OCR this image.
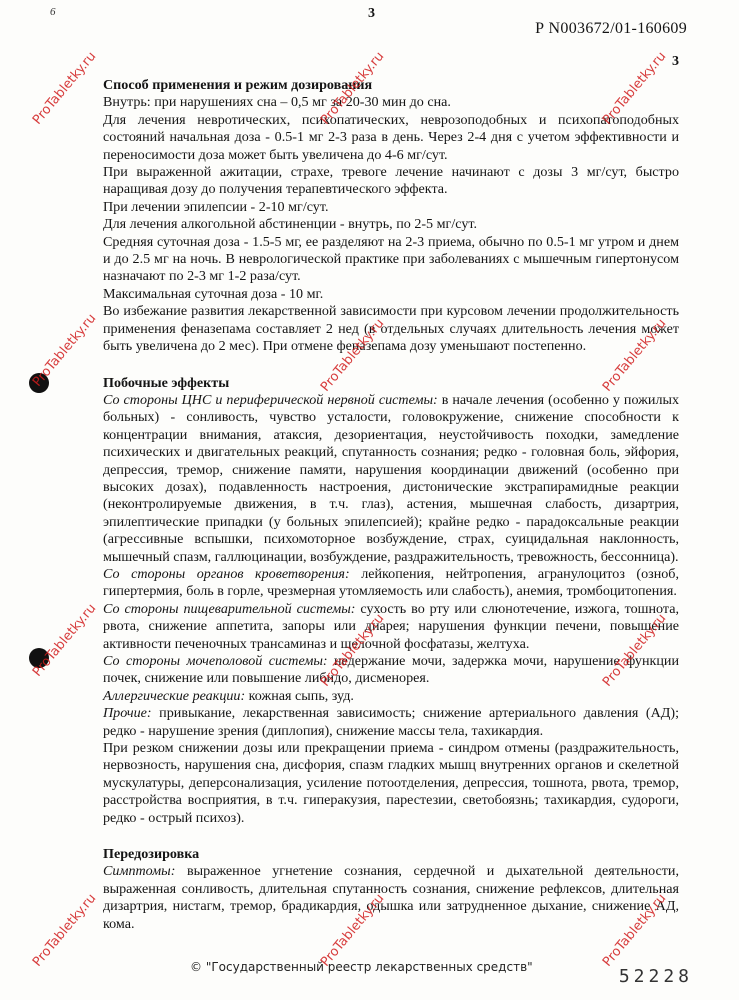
6	3
Р N003672/01-160609
3

Способ применения и режим дозирования

Внутрь: при нарушениях сна – 0,5 мг за 20-30 мин до сна.

Для лечения невротических, психопатических, неврозоподобных и психопатоподобных состояний начальная доза - 0.5-1 мг 2-3 раза в день. Через 2-4 дня с учетом эффективности и переносимости доза может быть увеличена до 4-6 мг/сут.

При выраженной ажитации, страхе, тревоге лечение начинают с дозы 3 мг/сут, быстро наращивая дозу до получения терапевтического эффекта.

При лечении эпилепсии - 2-10 мг/сут.

Для лечения алкогольной абстиненции - внутрь, по 2-5 мг/сут.

Средняя суточная доза - 1.5-5 мг, ее разделяют на 2-3 приема, обычно по 0.5-1 мг утром и днем и до 2.5 мг на ночь. В неврологической практике при заболеваниях с мышечным гипертонусом назначают по 2-3 мг 1-2 раза/сут.

Максимальная суточная доза - 10 мг.

Во избежание развития лекарственной зависимости при курсовом лечении продолжительность применения феназепама составляет 2 нед (в отдельных случаях длительность лечения может быть увеличена до 2 мес). При отмене феназепама дозу уменьшают постепенно.

Побочные эффекты

Со стороны ЦНС и периферической нервной системы: в начале лечения (особенно у пожилых больных) - сонливость, чувство усталости, головокружение, снижение способности к концентрации внимания, атаксия, дезориентация, неустойчивость походки, замедление психических и двигательных реакций, спутанность сознания; редко - головная боль, эйфория, депрессия, тремор, снижение памяти, нарушения координации движений (особенно при высоких дозах), подавленность настроения, дистонические экстрапирамидные реакции (неконтролируемые движения, в т.ч. глаз), астения, мышечная слабость, дизартрия, эпилептические припадки (у больных эпилепсией); крайне редко - парадоксальные реакции (агрессивные вспышки, психомоторное возбуждение, страх, суицидальная наклонность, мышечный спазм, галлюцинации, возбуждение, раздражительность, тревожность, бессонница).

Со стороны органов кроветворения: лейкопения, нейтропения, агранулоцитоз (озноб, гипертермия, боль в горле, чрезмерная утомляемость или слабость), анемия, тромбоцитопения.

Со стороны пищеварительной системы: сухость во рту или слюнотечение, изжога, тошнота, рвота, снижение аппетита, запоры или диарея; нарушения функции печени, повышение активности печеночных трансаминаз и щелочной фосфатазы, желтуха.

Со стороны мочеполовой системы: недержание мочи, задержка мочи, нарушение функции почек, снижение или повышение либидо, дисменорея.

Аллергические реакции: кожная сыпь, зуд.

Прочие: привыкание, лекарственная зависимость; снижение артериального давления (АД); редко - нарушение зрения (диплопия), снижение массы тела, тахикардия.

При резком снижении дозы или прекращении приема - синдром отмены (раздражительность, нервозность, нарушения сна, дисфория, спазм гладких мышц внутренних органов и скелетной мускулатуры, деперсонализация, усиление потоотделения, депрессия, тошнота, рвота, тремор, расстройства восприятия, в т.ч. гиперакузия, парестезии, светобоязнь; тахикардия, судороги, редко - острый психоз).

Передозировка

Симптомы: выраженное угнетение сознания, сердечной и дыхательной деятельности, выраженная сонливость, длительная спутанность сознания, снижение рефлексов, длительная дизартрия, нистагм, тремор, брадикардия, одышка или затрудненное дыхание, снижение АД, кома.

© "Государственный реестр лекарственных средств"	52228
ProTabletky.ru	ProTabletky.ru	ProTabletky.ru
ProTabletky.ru	ProTabletky.ru	ProTabletky.ru
ProTabletky.ru	ProTabletky.ru	ProTabletky.ru
ProTabletky.ru	ProTabletky.ru	ProTabletky.ru
